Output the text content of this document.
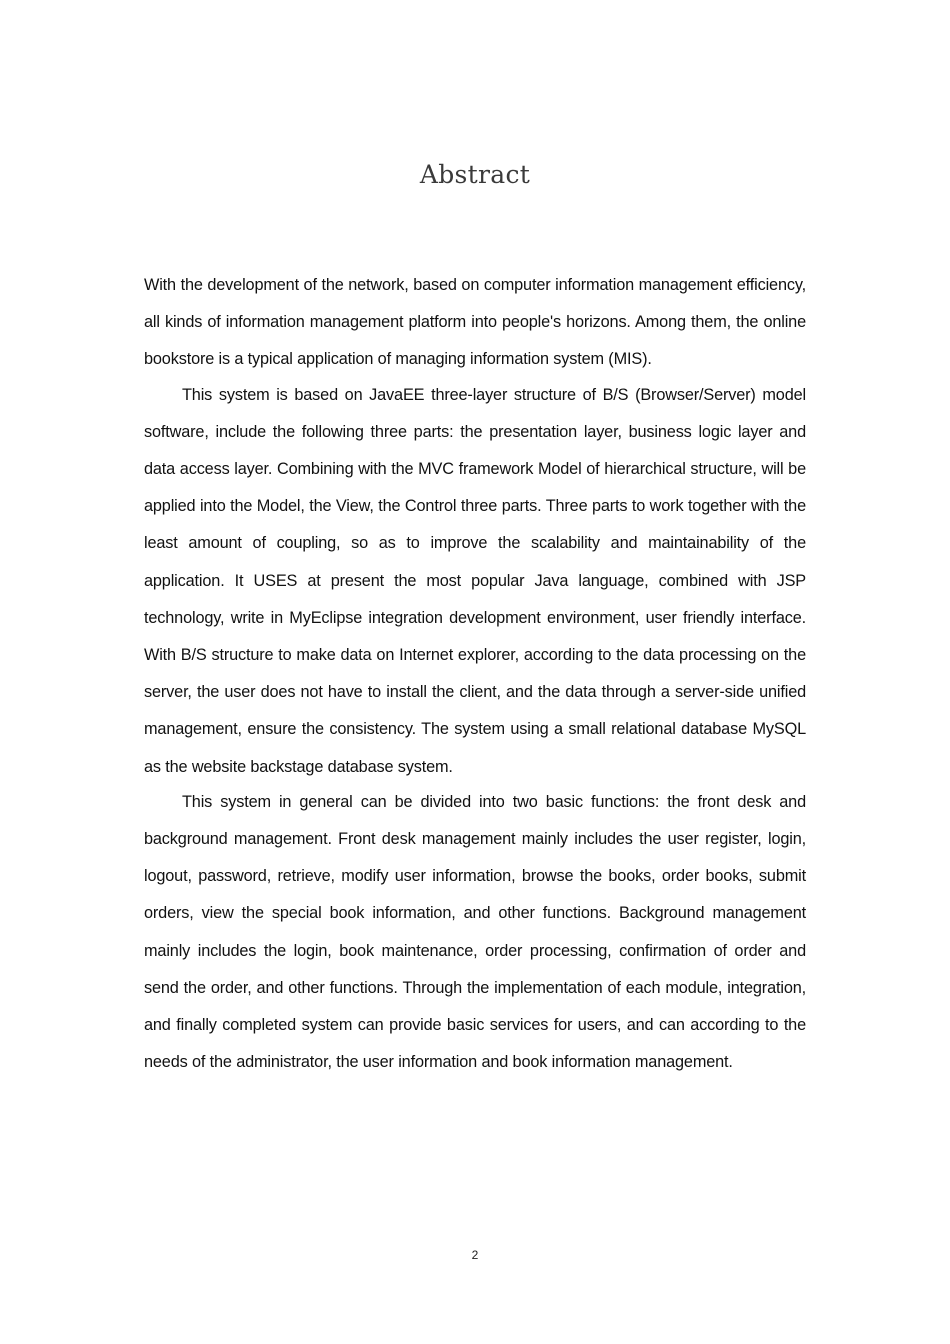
Abstract

With the development of the network, based on computer information management efficiency, all kinds of information management platform into people's horizons. Among them, the online bookstore is a typical application of managing information system (MIS).

This system is based on JavaEE three-layer structure of B/S (Browser/Server) model software, include the following three parts: the presentation layer, business logic layer and data access layer. Combining with the MVC framework Model of hierarchical structure, will be applied into the Model, the View, the Control three parts. Three parts to work together with the least amount of coupling, so as to improve the scalability and maintainability of the application. It USES at present the most popular Java language, combined with JSP technology, write in MyEclipse integration development environment, user friendly interface. With B/S structure to make data on Internet explorer, according to the data processing on the server, the user does not have to install the client, and the data through a server-side unified management, ensure the consistency. The system using a small relational database MySQL as the website backstage database system.

This system in general can be divided into two basic functions: the front desk and background management. Front desk management mainly includes the user register, login, logout, password, retrieve, modify user information, browse the books, order books, submit orders, view the special book information, and other functions. Background management mainly includes the login, book maintenance, order processing, confirmation of order and send the order, and other functions. Through the implementation of each module, integration, and finally completed system can provide basic services for users, and can according to the needs of the administrator, the user information and book information management.

2
